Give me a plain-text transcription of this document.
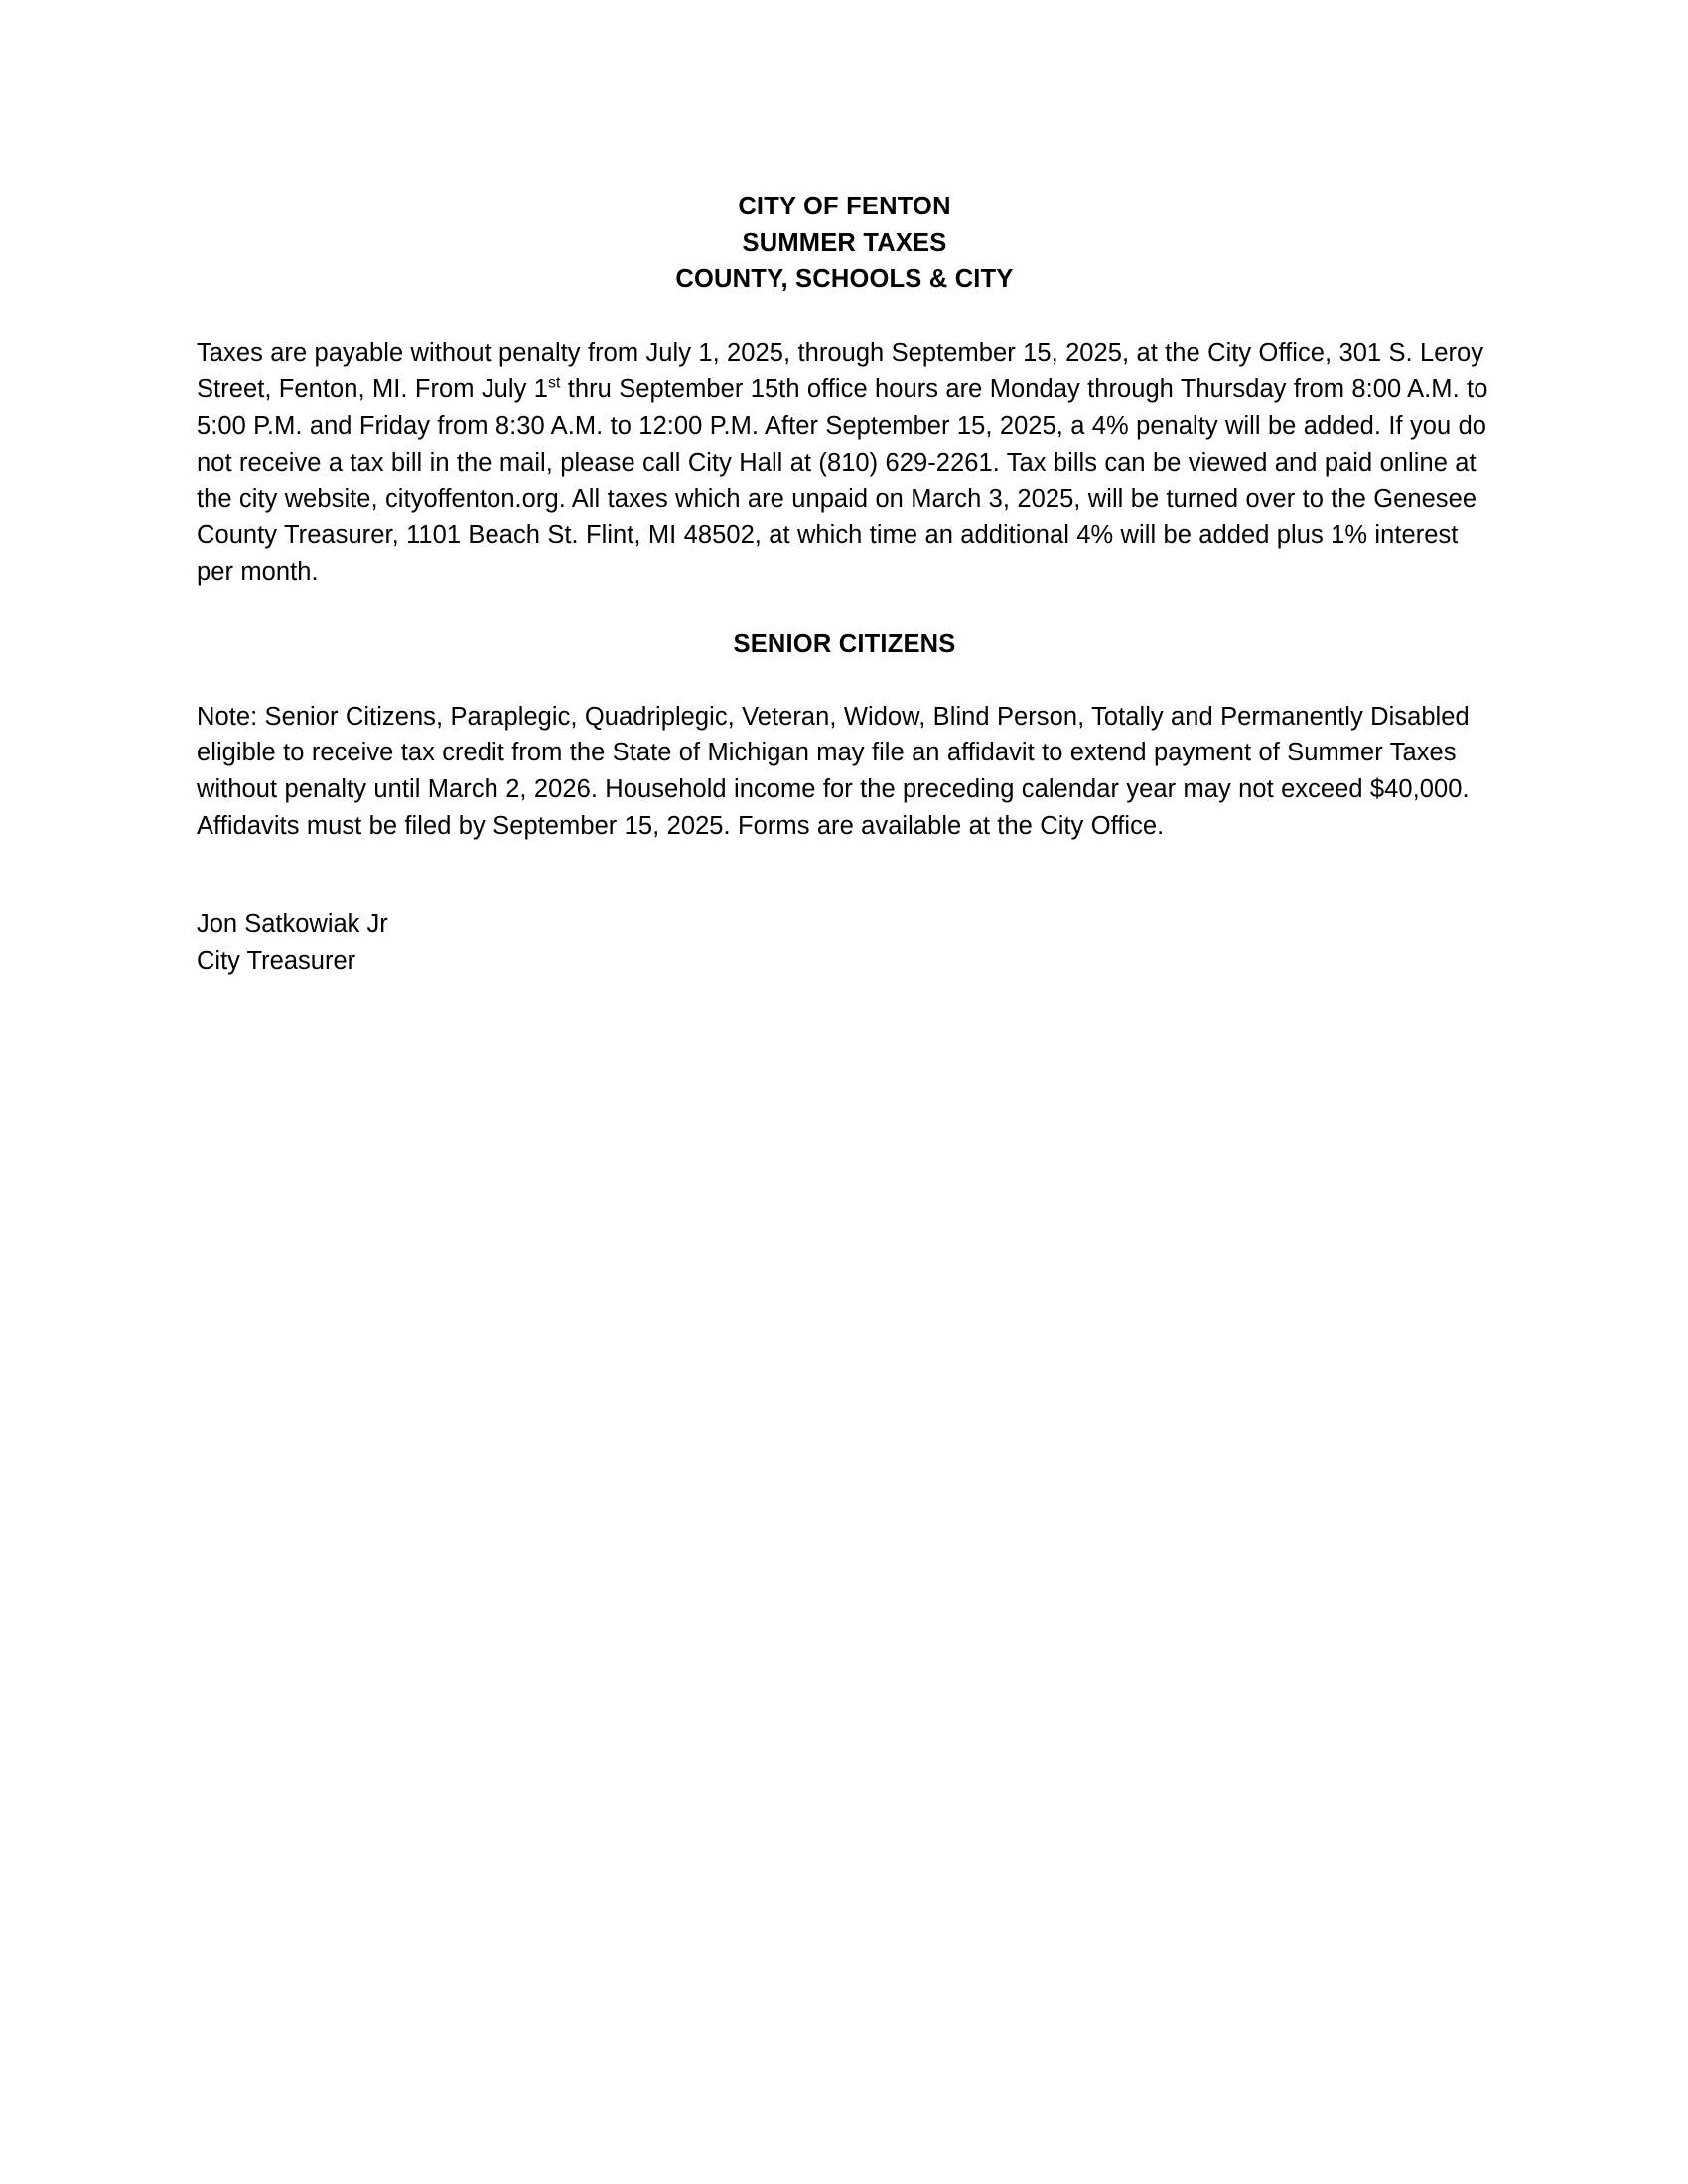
CITY OF FENTON
SUMMER TAXES
COUNTY, SCHOOLS & CITY

Taxes are payable without penalty from July 1, 2025, through September 15, 2025, at the City Office, 301 S. Leroy Street, Fenton, MI. From July 1st thru September 15th office hours are Monday through Thursday from 8:00 A.M. to 5:00 P.M. and Friday from 8:30 A.M. to 12:00 P.M. After September 15, 2025, a 4% penalty will be added. If you do not receive a tax bill in the mail, please call City Hall at (810) 629-2261. Tax bills can be viewed and paid online at the city website, cityoffenton.org. All taxes which are unpaid on March 3, 2025, will be turned over to the Genesee County Treasurer, 1101 Beach St. Flint, MI 48502, at which time an additional 4% will be added plus 1% interest per month.

SENIOR CITIZENS

Note: Senior Citizens, Paraplegic, Quadriplegic, Veteran, Widow, Blind Person, Totally and Permanently Disabled eligible to receive tax credit from the State of Michigan may file an affidavit to extend payment of Summer Taxes without penalty until March 2, 2026. Household income for the preceding calendar year may not exceed $40,000. Affidavits must be filed by September 15, 2025. Forms are available at the City Office.

Jon Satkowiak Jr

City Treasurer
